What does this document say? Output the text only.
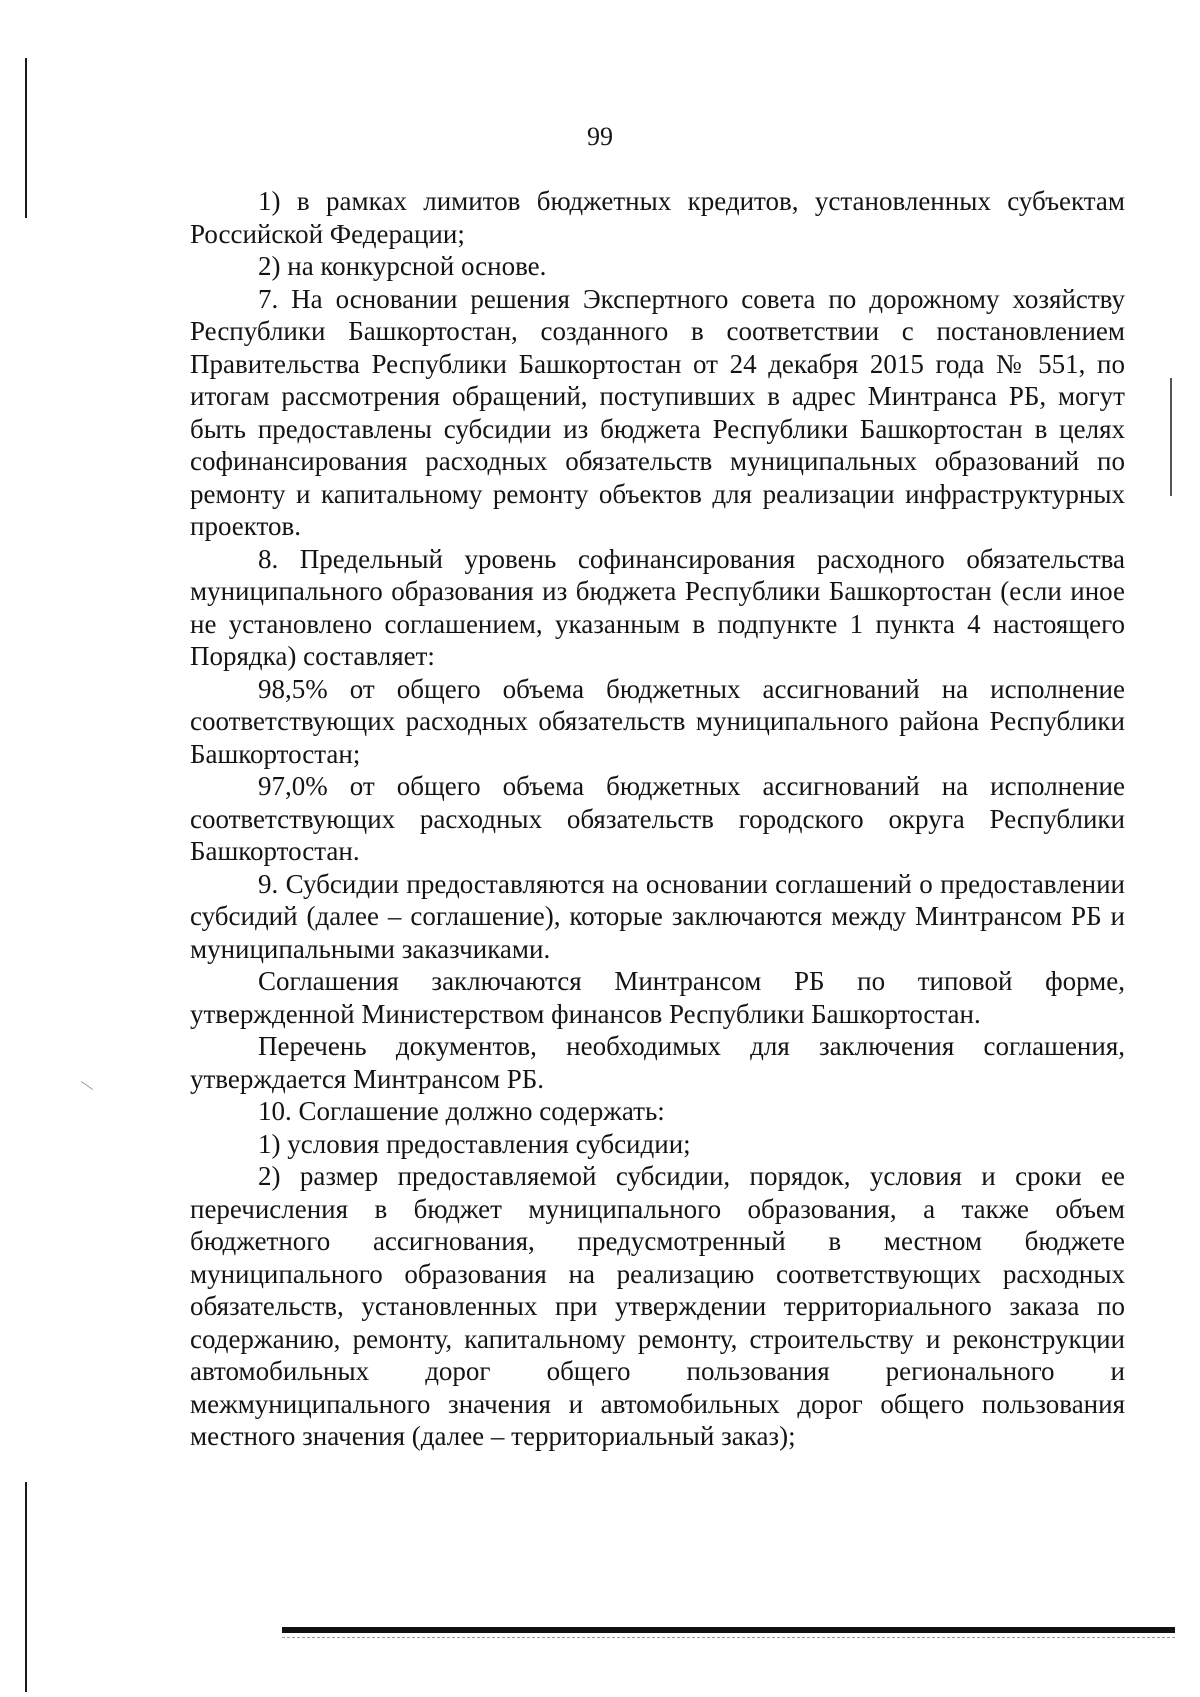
99

1) в рамках лимитов бюджетных кредитов, установленных субъектам Российской Федерации;

2) на конкурсной основе.

7. На основании решения Экспертного совета по дорожному хозяйству Республики Башкортостан, созданного в соответствии с постановлением Правительства Республики Башкортостан от 24 декабря 2015 года № 551, по итогам рассмотрения обращений, поступивших в адрес Минтранса РБ, могут быть предоставлены субсидии из бюджета Республики Башкортостан в целях софинансирования расходных обязательств муниципальных образований по ремонту и капитальному ремонту объектов для реализации инфраструктурных проектов.

8. Предельный уровень софинансирования расходного обязательства муниципального образования из бюджета Республики Башкортостан (если иное не установлено соглашением, указанным в подпункте 1 пункта 4 настоящего Порядка) составляет:

98,5% от общего объема бюджетных ассигнований на исполнение соответствующих расходных обязательств муниципального района Республики Башкортостан;

97,0% от общего объема бюджетных ассигнований на исполнение соответствующих расходных обязательств городского округа Республики Башкортостан.

9. Субсидии предоставляются на основании соглашений о предоставлении субсидий (далее – соглашение), которые заключаются между Минтрансом РБ и муниципальными заказчиками.

Соглашения заключаются Минтрансом РБ по типовой форме, утвержденной Министерством финансов Республики Башкортостан.

Перечень документов, необходимых для заключения соглашения, утверждается Минтрансом РБ.

10. Соглашение должно содержать:

1) условия предоставления субсидии;

2) размер предоставляемой субсидии, порядок, условия и сроки ее перечисления в бюджет муниципального образования, а также объем бюджетного ассигнования, предусмотренный в местном бюджете муниципального образования на реализацию соответствующих расходных обязательств, установленных при утверждении территориального заказа по содержанию, ремонту, капитальному ремонту, строительству и реконструкции автомобильных дорог общего пользования регионального и межмуниципального значения и автомобильных дорог общего пользования местного значения (далее – территориальный заказ);
